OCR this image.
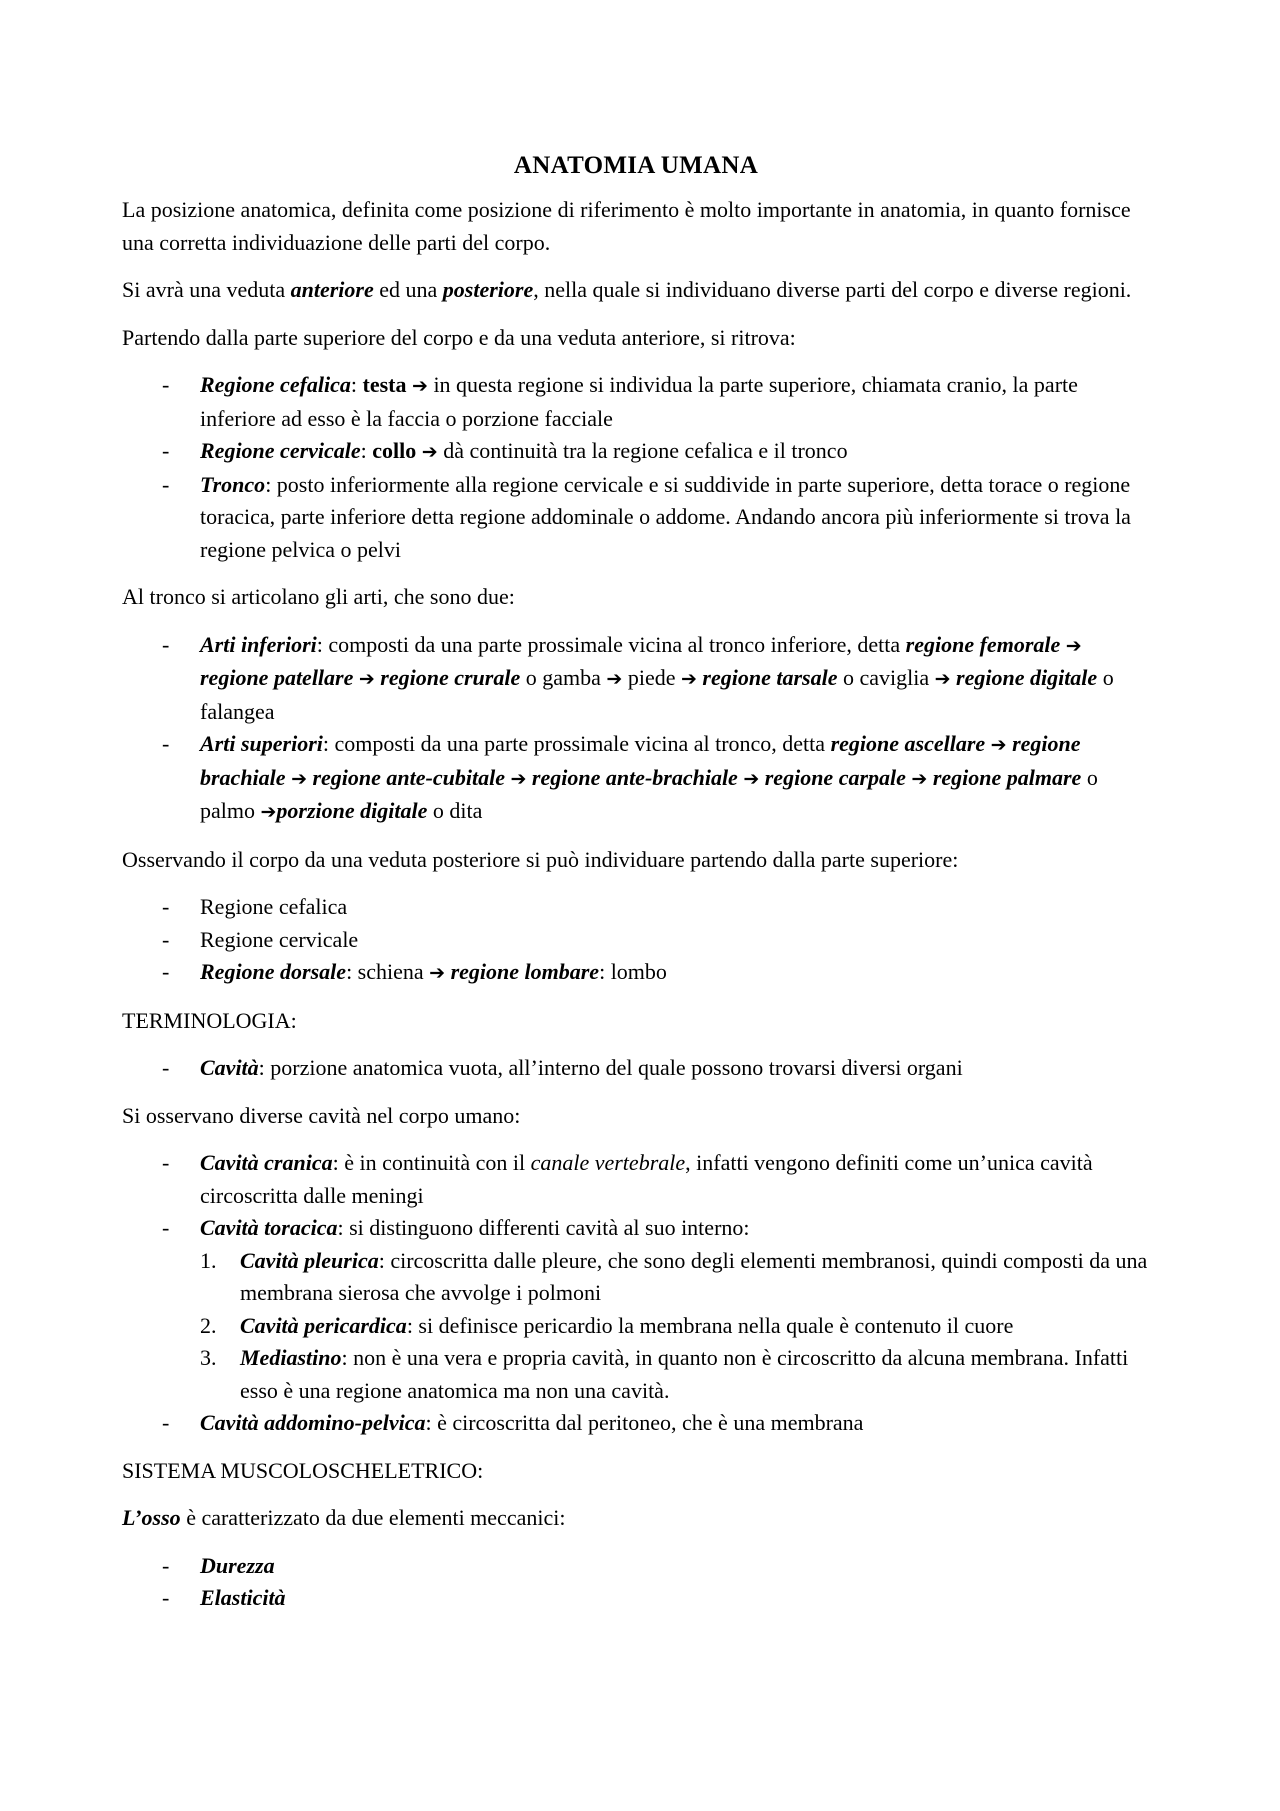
ANATOMIA UMANA

La posizione anatomica, definita come posizione di riferimento è molto importante in anatomia, in quanto fornisce una corretta individuazione delle parti del corpo.

Si avrà una veduta anteriore ed una posteriore, nella quale si individuano diverse parti del corpo e diverse regioni.

Partendo dalla parte superiore del corpo e da una veduta anteriore, si ritrova:

- Regione cefalica: testa ➔ in questa regione si individua la parte superiore, chiamata cranio, la parte inferiore ad esso è la faccia o porzione facciale
- Regione cervicale: collo ➔ dà continuità tra la regione cefalica e il tronco
- Tronco: posto inferiormente alla regione cervicale e si suddivide in parte superiore, detta torace o regione toracica, parte inferiore detta regione addominale o addome. Andando ancora più inferiormente si trova la regione pelvica o pelvi

Al tronco si articolano gli arti, che sono due:

- Arti inferiori: composti da una parte prossimale vicina al tronco inferiore, detta regione femorale ➔ regione patellare ➔ regione crurale o gamba ➔ piede ➔ regione tarsale o caviglia ➔ regione digitale o falangea
- Arti superiori: composti da una parte prossimale vicina al tronco, detta regione ascellare ➔ regione brachiale ➔ regione ante-cubitale ➔ regione ante-brachiale ➔ regione carpale ➔ regione palmare o palmo ➔porzione digitale o dita

Osservando il corpo da una veduta posteriore si può individuare partendo dalla parte superiore:

- Regione cefalica
- Regione cervicale
- Regione dorsale: schiena ➔ regione lombare: lombo

TERMINOLOGIA:

- Cavità: porzione anatomica vuota, all’interno del quale possono trovarsi diversi organi

Si osservano diverse cavità nel corpo umano:

- Cavità cranica: è in continuità con il canale vertebrale, infatti vengono definiti come un’unica cavità circoscritta dalle meningi
- Cavità toracica: si distinguono differenti cavità al suo interno:
1. Cavità pleurica: circoscritta dalle pleure, che sono degli elementi membranosi, quindi composti da una membrana sierosa che avvolge i polmoni
2. Cavità pericardica: si definisce pericardio la membrana nella quale è contenuto il cuore
3. Mediastino: non è una vera e propria cavità, in quanto non è circoscritto da alcuna membrana. Infatti esso è una regione anatomica ma non una cavità.
- Cavità addomino-pelvica: è circoscritta dal peritoneo, che è una membrana

SISTEMA MUSCOLOSCHELETRICO:

L’osso è caratterizzato da due elementi meccanici:

- Durezza
- Elasticità
